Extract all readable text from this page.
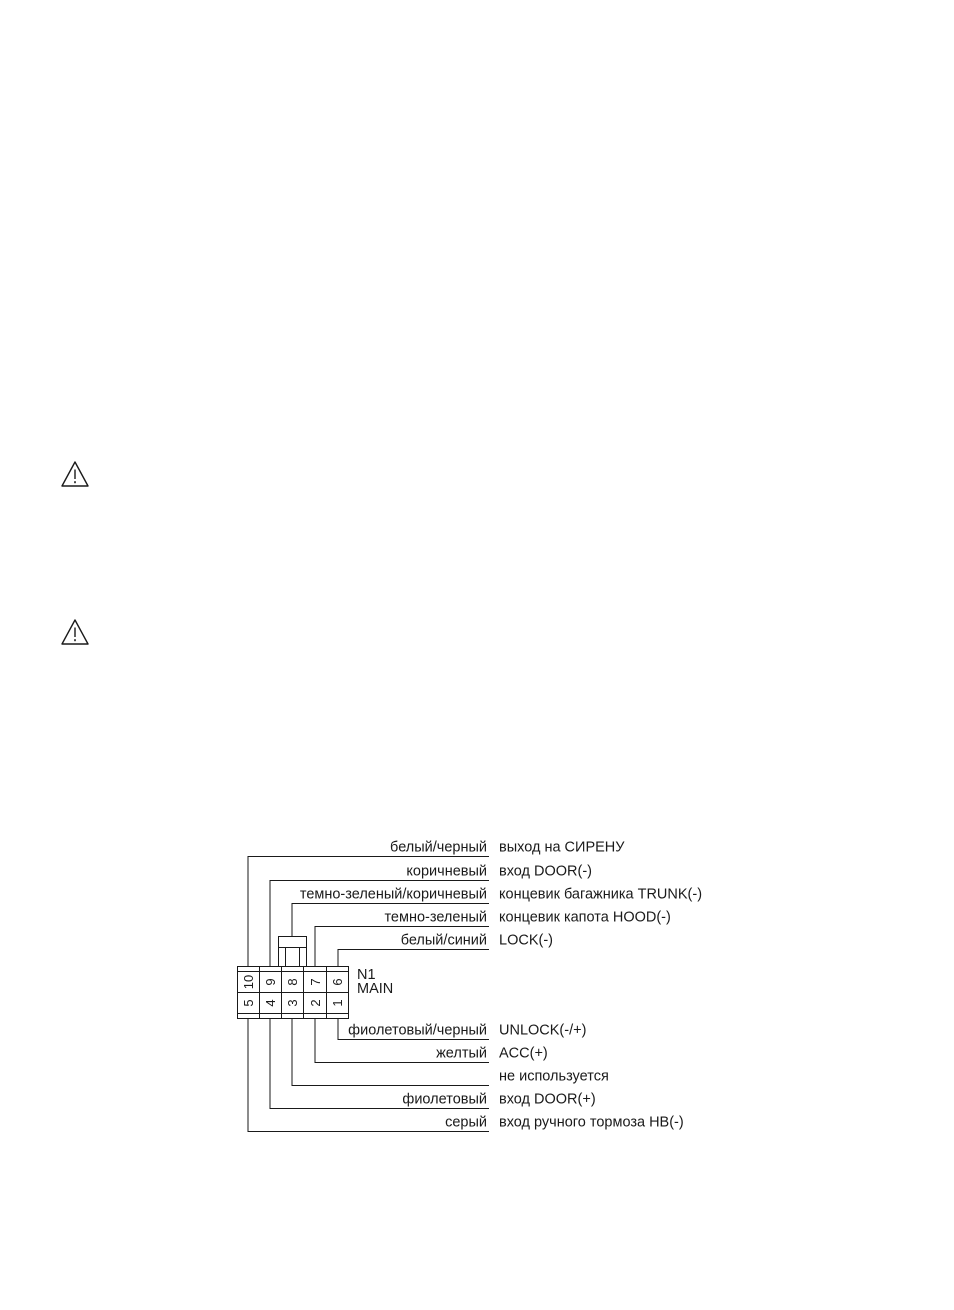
10 9 8 7 6
5 4 3 2 1
N1
MAIN
белый/черный выход на СИРЕНУ
коричневый вход DOOR(-)
темно-зеленый/коричневый концевик багажника TRUNK(-)
темно-зеленый концевик капота HOOD(-)
белый/синий LOCK(-)
фиолетовый/черный UNLOCK(-/+)
желтый ACC(+)
не используется
фиолетовый вход DOOR(+)
серый вход ручного тормоза HB(-)
